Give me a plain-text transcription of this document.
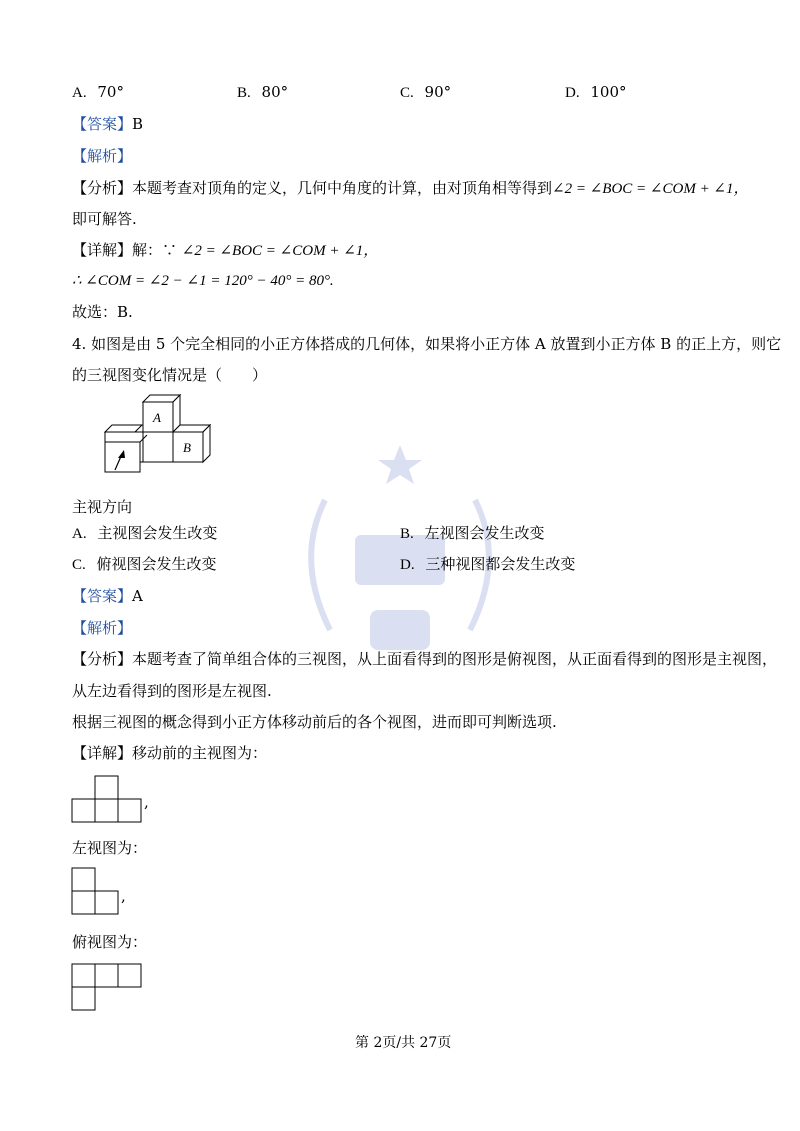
A. 70°	B. 80°	C. 90°	D. 100°
【答案】B
【解析】
【分析】本题考查对顶角的定义，几何中角度的计算，由对顶角相等得到∠2 = ∠BOC = ∠COM + ∠1，
即可解答.
【详解】解：∵ ∠2 = ∠BOC = ∠COM + ∠1，
∴ ∠COM = ∠2 − ∠1 = 120° − 40° = 80°.
故选：B.
4. 如图是由 5 个完全相同的小正方体搭成的几何体，如果将小正方体 A 放置到小正方体 B 的正上方，则它
的三视图变化情况是（　　）
A
B
主视方向
A. 主视图会发生改变	B. 左视图会发生改变
C. 俯视图会发生改变	D. 三种视图都会发生改变
【答案】A
【解析】
【分析】本题考查了简单组合体的三视图，从上面看得到的图形是俯视图，从正面看得到的图形是主视图，
从左边看得到的图形是左视图.
根据三视图的概念得到小正方体移动前后的各个视图，进而即可判断选项.
【详解】移动前的主视图为：
,
左视图为：
,
俯视图为：
第 2页/共 27页
